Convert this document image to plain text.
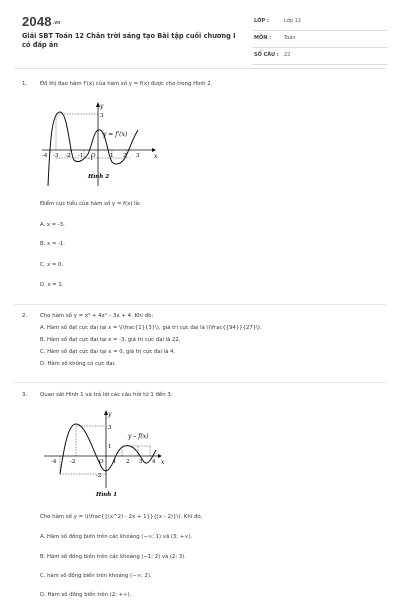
2048.vn
Giải SBT Toán 12 Chân trời sáng tạo Bài tập cuối chương I có đáp án
LỚP :	Lớp 12
MÔN :	Toán
SỐ CÂU : 22
1. Đồ thị đạo hàm f'(x) của hàm số y = f(x) được cho trong Hình 2.
y
x
3
-1
O
-4 -3 -2 -1	1 2 3
y = f'(x)
Hình 2
Điểm cực tiểu của hàm số y = f(x) là:
A. x = -3.
B. x = -1.
C. x = 0.
D. x = 1.
2. Cho hàm số y = x³ + 4x² – 3x + 4. Khi đó:
A. Hàm số đạt cực đại tại x = \(\frac{1}{3}\), giá trị cực đại là \(\frac{{94}}{27}\).
B. Hàm số đạt cực đại tại x = -3, giá trị cực đại là 22.
C. Hàm số đạt cực đại tại x = 0, giá trị cực đại là 4.
D. Hàm số không có cực đại.
3. Quan sát Hình 1 và trả lời các câu hỏi từ 1 đến 3.
y
x
3
1
-2
O
-4 -2	1 2 3 4
y – f(x)
Hình 1
Cho hàm số y = \(\frac{{(x^2) - 2x + 1}}{(x - 2)}\). Khi đó,
A. Hàm số đồng biến trên các khoảng (−∞; 1) và (3; +∞).
B. Hàm số đồng biến trên các khoảng (−1; 2) và (2; 3).
C. hàm số đồng biến trên khoảng (−∞; 2).
D. Hàm số đồng biến trên (2; +∞).
